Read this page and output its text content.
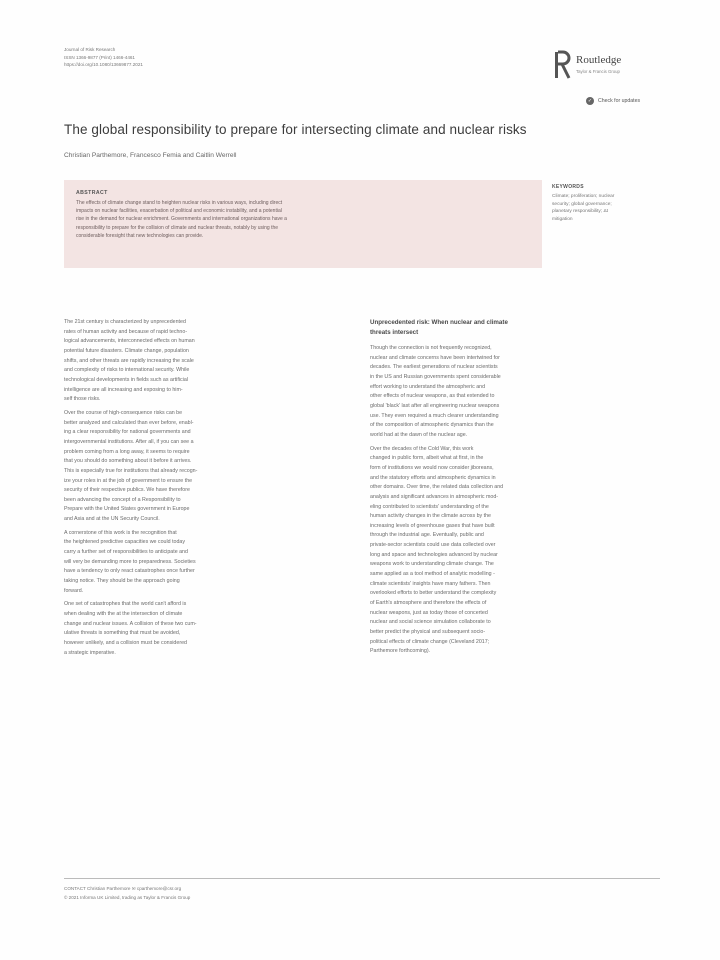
Journal of Risk Research
ISSN 1366-9877 (Print) 1466-4461
https://doi.org/10.1080/13669877.2021	Routledge
Taylor & Francis Group
✓	Check for updates
The global responsibility to prepare for intersecting climate and nuclear risks
Christian Parthemore, Francesco Femia and Caitlin Werrell
ABSTRACT
The effects of climate change stand to heighten nuclear risks in various ways, including direct
impacts on nuclear facilities, exacerbation of political and economic instability, and a potential
rise in the demand for nuclear enrichment. Governments and international organizations have a
responsibility to prepare for the collision of climate and nuclear threats, notably by using the
considerable foresight that new technologies can provide.
KEYWORDS
Climate; proliferation; nuclear
security; global governance;
planetary responsibility; Δt
mitigation

The 21st century is characterized by unprecedented
rates of human activity and because of rapid techno-
logical advancements, interconnected effects on human
potential future disasters. Climate change, population
shifts, and other threats are rapidly increasing the scale
and complexity of risks to international security. While
technological developments in fields such as artificial
intelligence are all increasing and exposing to him-
self those risks.

Over the course of high-consequence risks can be
better analyzed and calculated than ever before, enabl-
ing a clear responsibility for national governments and
intergovernmental institutions. After all, if you can see a
problem coming from a long away, it seems to require
that you should do something about it before it arrives.
This is especially true for institutions that already recogn-
ize your roles in at the job of government to ensure the
security of their respective publics. We have therefore
been advancing the concept of a Responsibility to
Prepare with the United States government in Europe
and Asia and at the UN Security Council.

A cornerstone of this work is the recognition that
the heightened predictive capacities we could today
carry a further set of responsibilities to anticipate and
will very be demanding more to preparedness. Societies
have a tendency to only react catastrophes once further
taking notice. They should be the approach going
forward.

One set of catastrophes that the world can't afford is
when dealing with the at the intersection of climate
change and nuclear issues. A collision of these two cum-
ulative threats is something that must be avoided,
however unlikely, and a collision must be considered
a strategic imperative.

Unprecedented risk: When nuclear and climate
threats intersect

Though the connection is not frequently recognized,
nuclear and climate concerns have been intertwined for
decades. The earliest generations of nuclear scientists
in the US and Russian governments spent considerable
effort working to understand the atmospheric and
other effects of nuclear weapons, as that extended to
global 'black' last after all engineering nuclear weapons
use. They even required a much clearer understanding
of the composition of atmospheric dynamics than the
world had at the dawn of the nuclear age.

Over the decades of the Cold War, this work
changed in public form, albeit what at first, in the
form of institutions we would now consider jiboreans,
and the statutory efforts and atmospheric dynamics in
other domains. Over time, the related data collection and
analysis and significant advances in atmospheric mod-
eling contributed to scientists' understanding of the
human activity changes in the climate across by the
increasing levels of greenhouse gases that have built
through the industrial age. Eventually, public and
private-sector scientists could use data collected over
long and space and technologies advanced by nuclear
weapons work to understanding climate change. The
same applied as a tool method of analytic modelling -
climate scientists' insights have many fathers. Then
overlooked efforts to better understand the complexity
of Earth's atmosphere and therefore the effects of
nuclear weapons, just as today those of concerted
nuclear and social science simulation collaborate to
better predict the physical and subsequent socio-
political effects of climate change (Cleveland 2017;
Parthemore forthcoming).

CONTACT Christian Parthemore ✉ cparthemore@csr.org
© 2021 Informa UK Limited, trading as Taylor & Francis Group
